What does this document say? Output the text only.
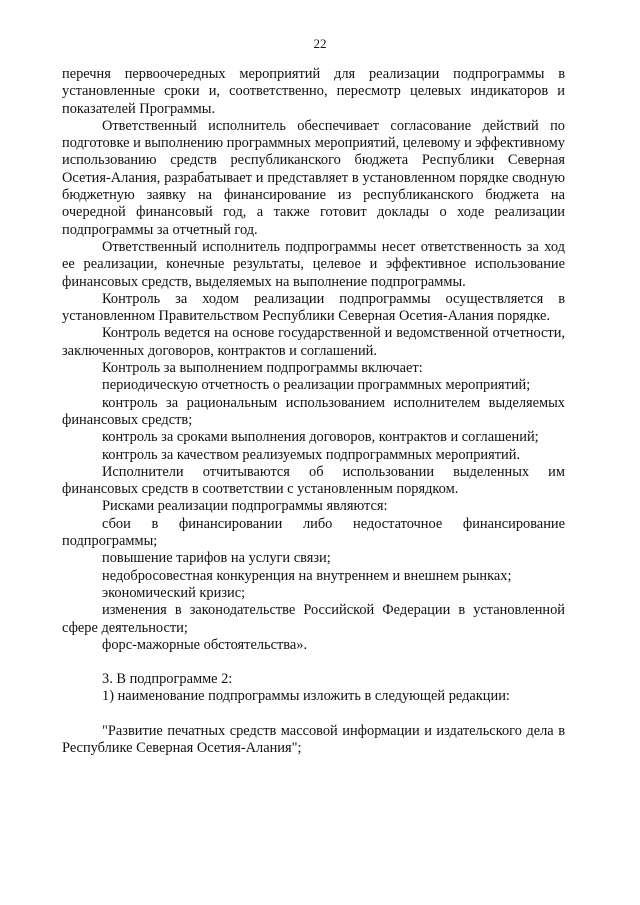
22

перечня первоочередных мероприятий для реализации подпрограммы в установленные сроки и, соответственно, пересмотр целевых индикаторов и показателей Программы.

Ответственный исполнитель обеспечивает согласование действий по подготовке и выполнению программных мероприятий, целевому и эффективному использованию средств республиканского бюджета Республики Северная Осетия-Алания, разрабатывает и представляет в установленном порядке сводную бюджетную заявку на финансирование из республиканского бюджета на очередной финансовый год, а также готовит доклады о ходе реализации подпрограммы за отчетный год.

Ответственный исполнитель подпрограммы несет ответственность за ход ее реализации, конечные результаты, целевое и эффективное использование финансовых средств, выделяемых на выполнение подпрограммы.

Контроль за ходом реализации подпрограммы осуществляется в установленном Правительством Республики Северная Осетия-Алания порядке.

Контроль ведется на основе государственной и ведомственной отчетности, заключенных договоров, контрактов и соглашений.

Контроль за выполнением подпрограммы включает:

периодическую отчетность о реализации программных мероприятий;

контроль за рациональным использованием исполнителем выделяемых финансовых средств;

контроль за сроками выполнения договоров, контрактов и соглашений;

контроль за качеством реализуемых подпрограммных мероприятий.

Исполнители отчитываются об использовании выделенных им финансовых средств в соответствии с установленным порядком.

Рисками реализации подпрограммы являются:

сбои в финансировании либо недостаточное финансирование подпрограммы;

повышение тарифов на услуги связи;

недобросовестная конкуренция на внутреннем и внешнем рынках;

экономический кризис;

изменения в законодательстве Российской Федерации в установленной сфере деятельности;

форс-мажорные обстоятельства».

3. В подпрограмме 2:

1) наименование подпрограммы изложить в следующей редакции:

"Развитие печатных средств массовой информации и издательского дела в Республике Северная Осетия-Алания";
